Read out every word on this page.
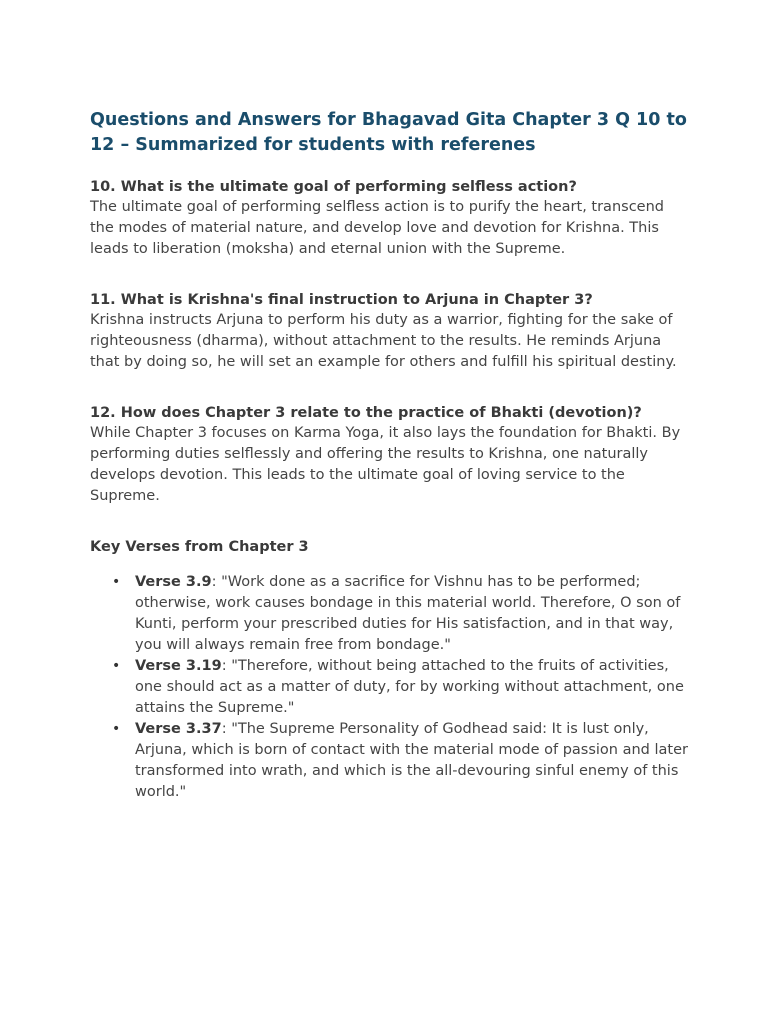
Questions and Answers for Bhagavad Gita Chapter 3 Q 10 to 12 – Summarized for students with referenes

10. What is the ultimate goal of performing selfless action?

The ultimate goal of performing selfless action is to purify the heart, transcend the modes of material nature, and develop love and devotion for Krishna. This leads to liberation (moksha) and eternal union with the Supreme.

11. What is Krishna's final instruction to Arjuna in Chapter 3?

Krishna instructs Arjuna to perform his duty as a warrior, fighting for the sake of righteousness (dharma), without attachment to the results. He reminds Arjuna that by doing so, he will set an example for others and fulfill his spiritual destiny.

12. How does Chapter 3 relate to the practice of Bhakti (devotion)?

While Chapter 3 focuses on Karma Yoga, it also lays the foundation for Bhakti. By performing duties selflessly and offering the results to Krishna, one naturally develops devotion. This leads to the ultimate goal of loving service to the Supreme.

Key Verses from Chapter 3
• Verse 3.9: "Work done as a sacrifice for Vishnu has to be performed; otherwise, work causes bondage in this material world. Therefore, O son of Kunti, perform your prescribed duties for His satisfaction, and in that way, you will always remain free from bondage."
• Verse 3.19: "Therefore, without being attached to the fruits of activities, one should act as a matter of duty, for by working without attachment, one attains the Supreme."
• Verse 3.37: "The Supreme Personality of Godhead said: It is lust only, Arjuna, which is born of contact with the material mode of passion and later transformed into wrath, and which is the all-devouring sinful enemy of this world."
